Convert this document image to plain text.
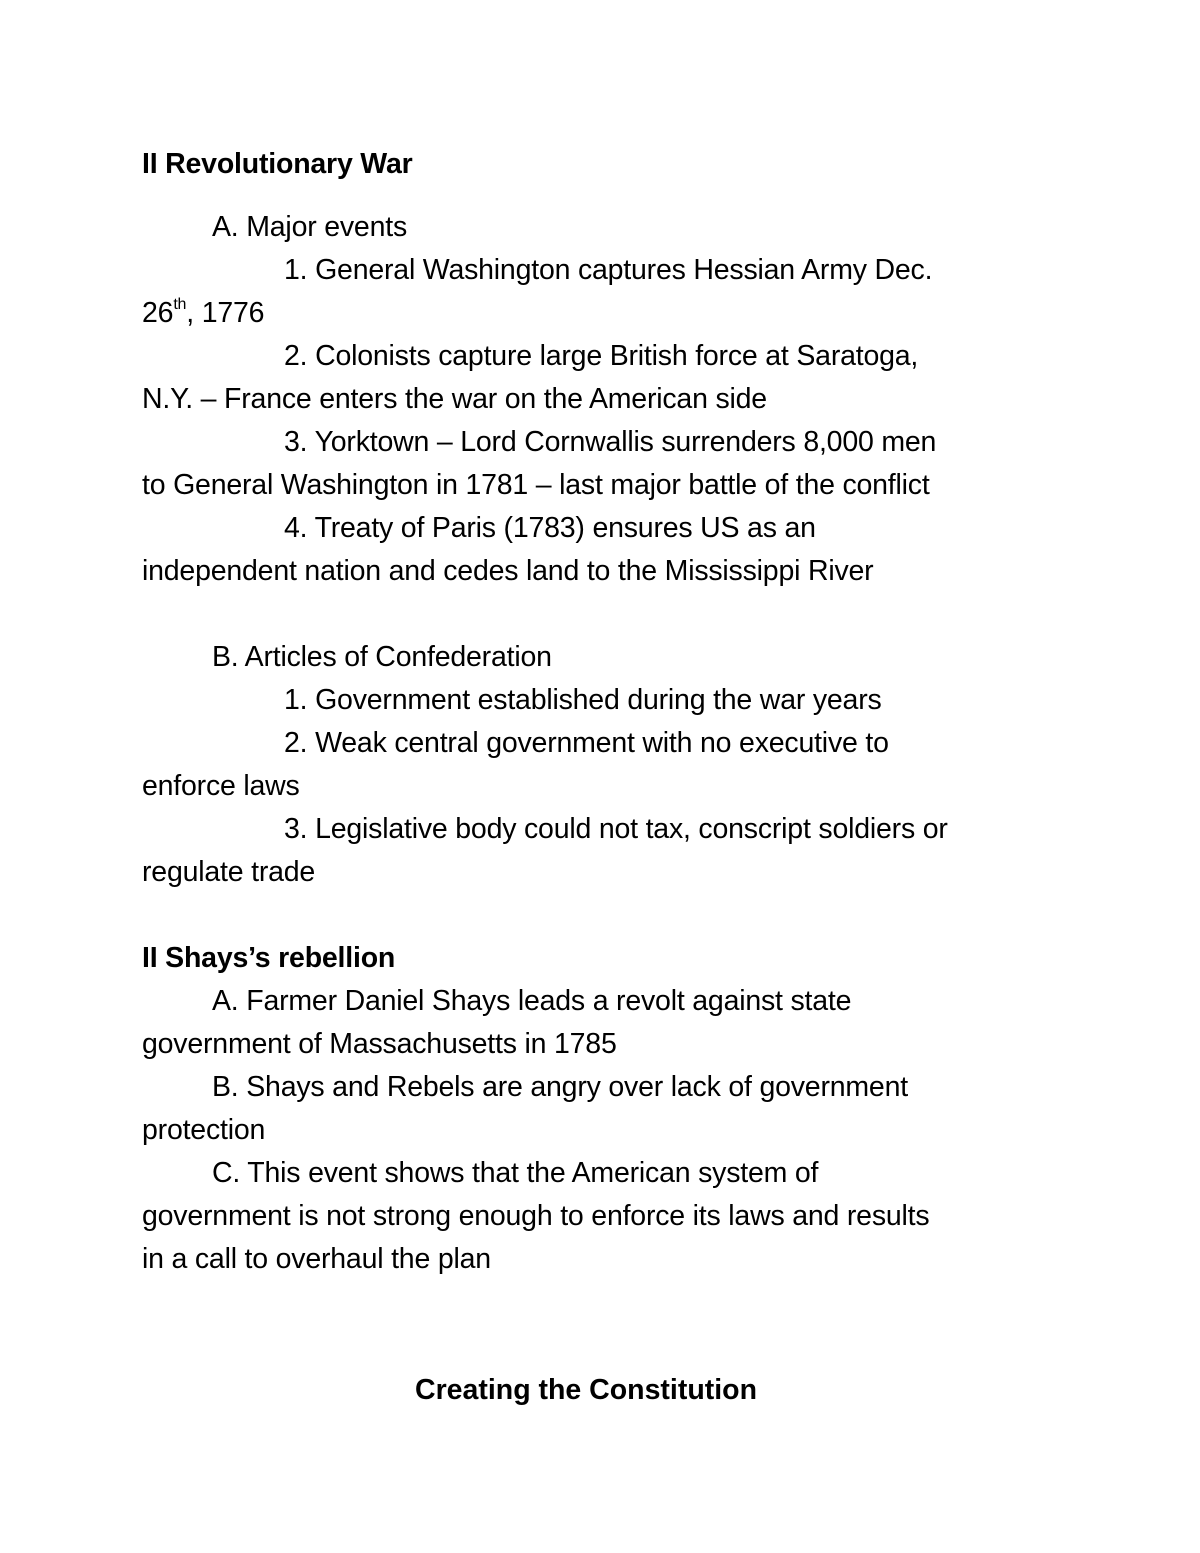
II Revolutionary War
A. Major events
1. General Washington captures Hessian Army Dec.
26th, 1776
2. Colonists capture large British force at Saratoga,
N.Y. – France enters the war on the American side
3. Yorktown – Lord Cornwallis surrenders 8,000 men
to General Washington in 1781 – last major battle of the conflict
4. Treaty of Paris (1783) ensures US as an
independent nation and cedes land to the Mississippi River
B. Articles of Confederation
1. Government established during the war years
2. Weak central government with no executive to
enforce laws
3. Legislative body could not tax, conscript soldiers or
regulate trade
II Shays’s rebellion
A. Farmer Daniel Shays leads a revolt against state
government of Massachusetts in 1785
B. Shays and Rebels are angry over lack of government
protection
C. This event shows that the American system of
government is not strong enough to enforce its laws and results
in a call to overhaul the plan
Creating the Constitution
